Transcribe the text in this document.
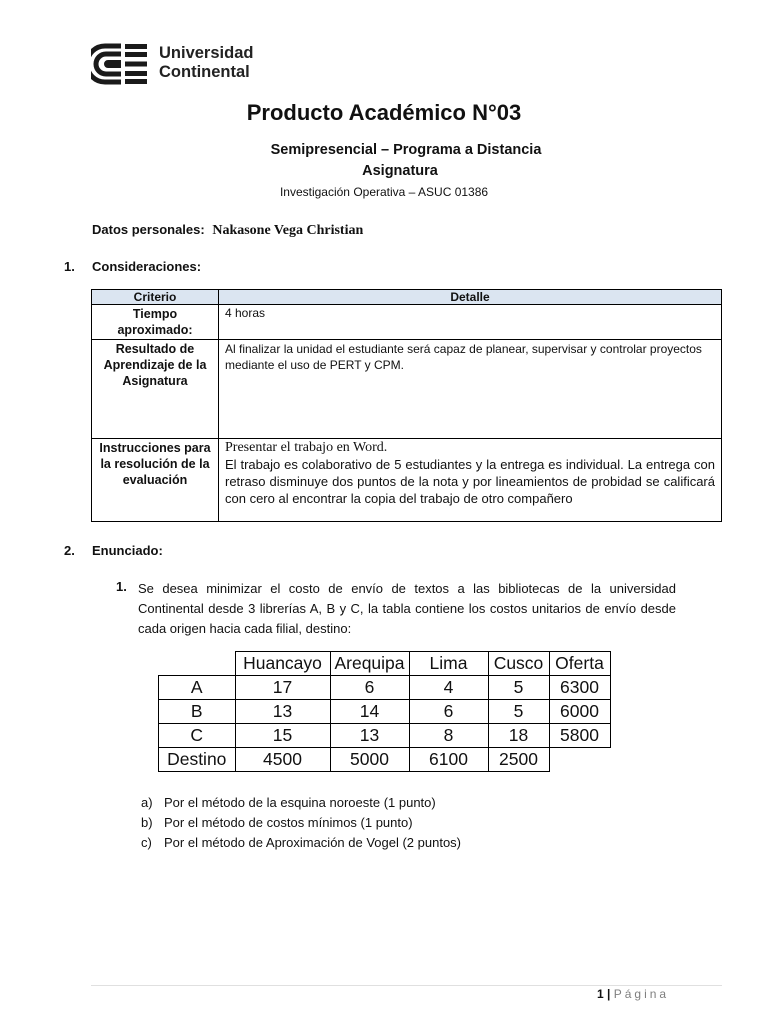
Universidad
Continental
Producto Académico N°03
Semipresencial – Programa a Distancia
Asignatura
Investigación Operativa – ASUC 01386
Datos personales: Nakasone Vega Christian
1. Consideraciones:
Criterio	Detalle
Tiempo aproximado:	4 horas
Resultado de Aprendizaje de la Asignatura	Al finalizar la unidad el estudiante será capaz de planear, supervisar y controlar proyectos mediante el uso de PERT y CPM.
Instrucciones para la resolución de la evaluación	Presentar el trabajo en Word.
El trabajo es colaborativo de 5 estudiantes y la entrega es individual. La entrega con retraso disminuye dos puntos de la nota y por lineamientos de probidad se calificará con cero al encontrar la copia del trabajo de otro compañero
2. Enunciado:
1. Se desea minimizar el costo de envío de textos a las bibliotecas de la universidad Continental desde 3 librerías A, B y C, la tabla contiene los costos unitarios de envío desde cada origen hacia cada filial, destino:
	Huancayo	Arequipa	Lima	Cusco	Oferta
A	17	6	4	5	6300
B	13	14	6	5	6000
C	15	13	8	18	5800
Destino	4500	5000	6100	2500	
a) Por el método de la esquina noroeste (1 punto)
b) Por el método de costos mínimos (1 punto)
c) Por el método de Aproximación de Vogel (2 puntos)
1 | Página
